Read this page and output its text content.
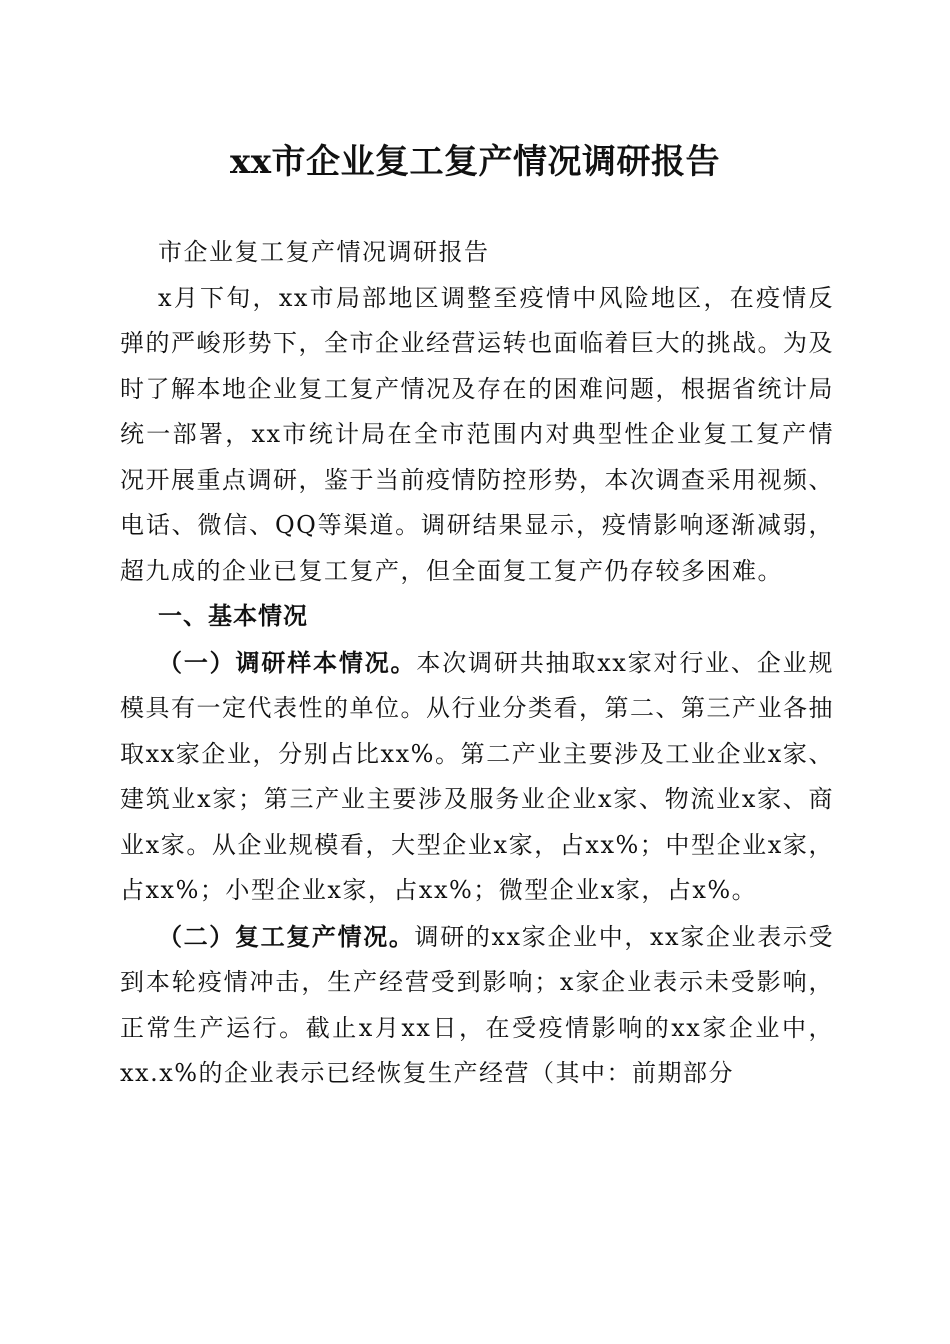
xx市企业复工复产情况调研报告

市企业复工复产情况调研报告

x月下旬，xx市局部地区调整至疫情中风险地区，在疫情反弹的严峻形势下，全市企业经营运转也面临着巨大的挑战。为及时了解本地企业复工复产情况及存在的困难问题，根据省统计局统一部署，xx市统计局在全市范围内对典型性企业复工复产情况开展重点调研，鉴于当前疫情防控形势，本次调查采用视频、电话、微信、QQ等渠道。调研结果显示，疫情影响逐渐减弱，超九成的企业已复工复产，但全面复工复产仍存较多困难。

一、基本情况

（一）调研样本情况。本次调研共抽取xx家对行业、企业规模具有一定代表性的单位。从行业分类看，第二、第三产业各抽取xx家企业，分别占比xx%。第二产业主要涉及工业企业x家、建筑业x家；第三产业主要涉及服务业企业x家、物流业x家、商业x家。从企业规模看，大型企业x家，占xx%；中型企业x家，占xx%；小型企业x家，占xx%；微型企业x家，占x%。

（二）复工复产情况。调研的xx家企业中，xx家企业表示受到本轮疫情冲击，生产经营受到影响；x家企业表示未受影响，正常生产运行。截止x月xx日，在受疫情影响的xx家企业中，xx.x%的企业表示已经恢复生产经营（其中：前期部分
